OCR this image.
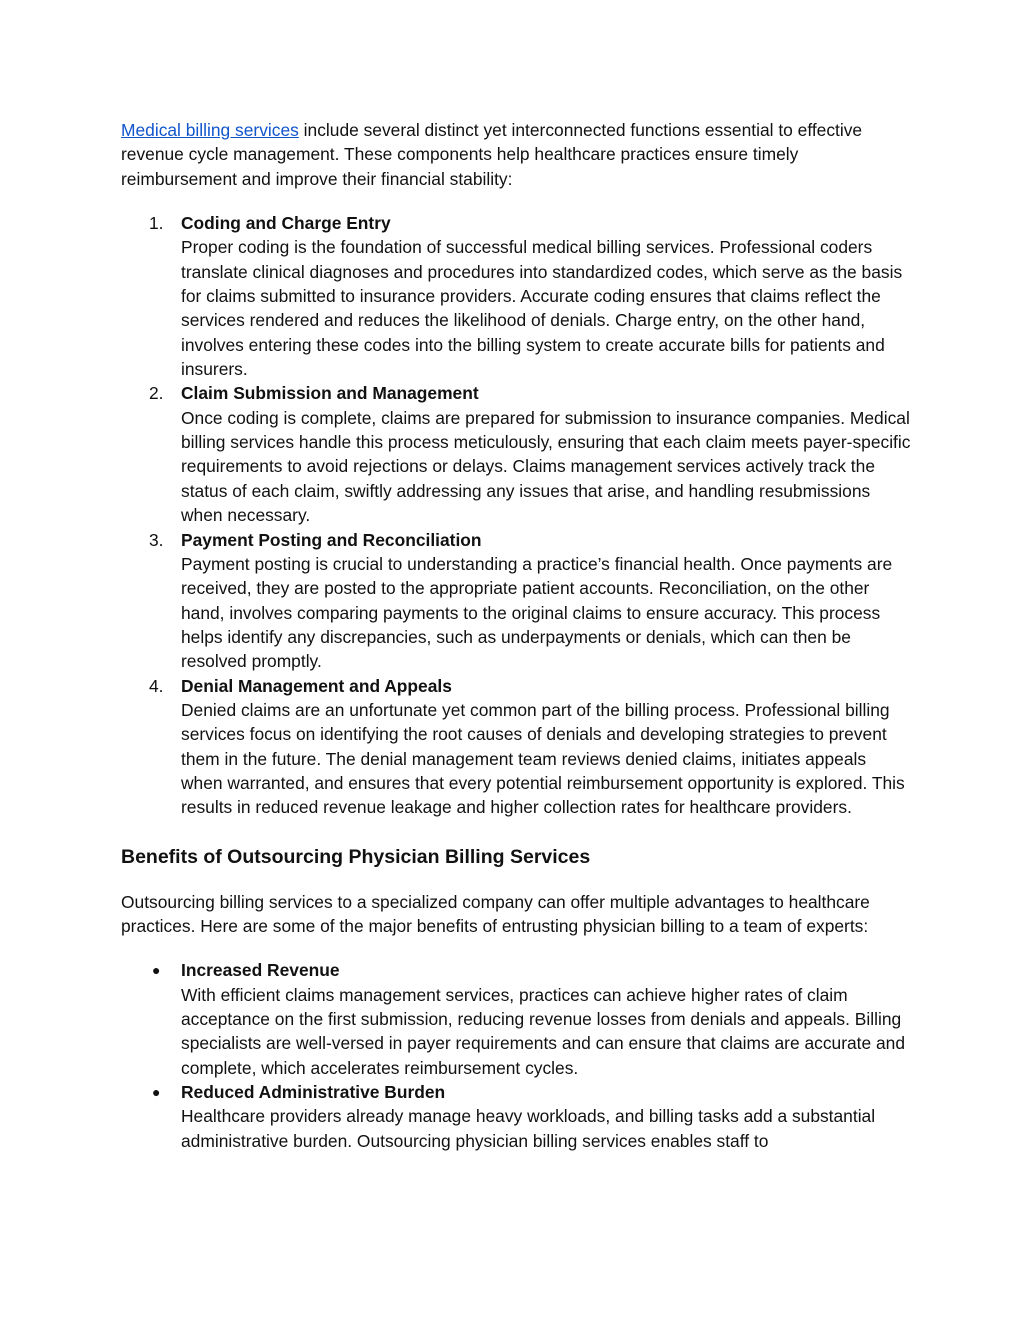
Medical billing services include several distinct yet interconnected functions essential to effective revenue cycle management. These components help healthcare practices ensure timely reimbursement and improve their financial stability:

1. Coding and Charge Entry
Proper coding is the foundation of successful medical billing services. Professional coders translate clinical diagnoses and procedures into standardized codes, which serve as the basis for claims submitted to insurance providers. Accurate coding ensures that claims reflect the services rendered and reduces the likelihood of denials. Charge entry, on the other hand, involves entering these codes into the billing system to create accurate bills for patients and insurers.
2. Claim Submission and Management
Once coding is complete, claims are prepared for submission to insurance companies. Medical billing services handle this process meticulously, ensuring that each claim meets payer-specific requirements to avoid rejections or delays. Claims management services actively track the status of each claim, swiftly addressing any issues that arise, and handling resubmissions when necessary.
3. Payment Posting and Reconciliation
Payment posting is crucial to understanding a practice’s financial health. Once payments are received, they are posted to the appropriate patient accounts. Reconciliation, on the other hand, involves comparing payments to the original claims to ensure accuracy. This process helps identify any discrepancies, such as underpayments or denials, which can then be resolved promptly.
4. Denial Management and Appeals
Denied claims are an unfortunate yet common part of the billing process. Professional billing services focus on identifying the root causes of denials and developing strategies to prevent them in the future. The denial management team reviews denied claims, initiates appeals when warranted, and ensures that every potential reimbursement opportunity is explored. This results in reduced revenue leakage and higher collection rates for healthcare providers.
Benefits of Outsourcing Physician Billing Services

Outsourcing billing services to a specialized company can offer multiple advantages to healthcare practices. Here are some of the major benefits of entrusting physician billing to a team of experts:

● Increased Revenue
With efficient claims management services, practices can achieve higher rates of claim acceptance on the first submission, reducing revenue losses from denials and appeals. Billing specialists are well-versed in payer requirements and can ensure that claims are accurate and complete, which accelerates reimbursement cycles.
● Reduced Administrative Burden
Healthcare providers already manage heavy workloads, and billing tasks add a substantial administrative burden. Outsourcing physician billing services enables staff to
